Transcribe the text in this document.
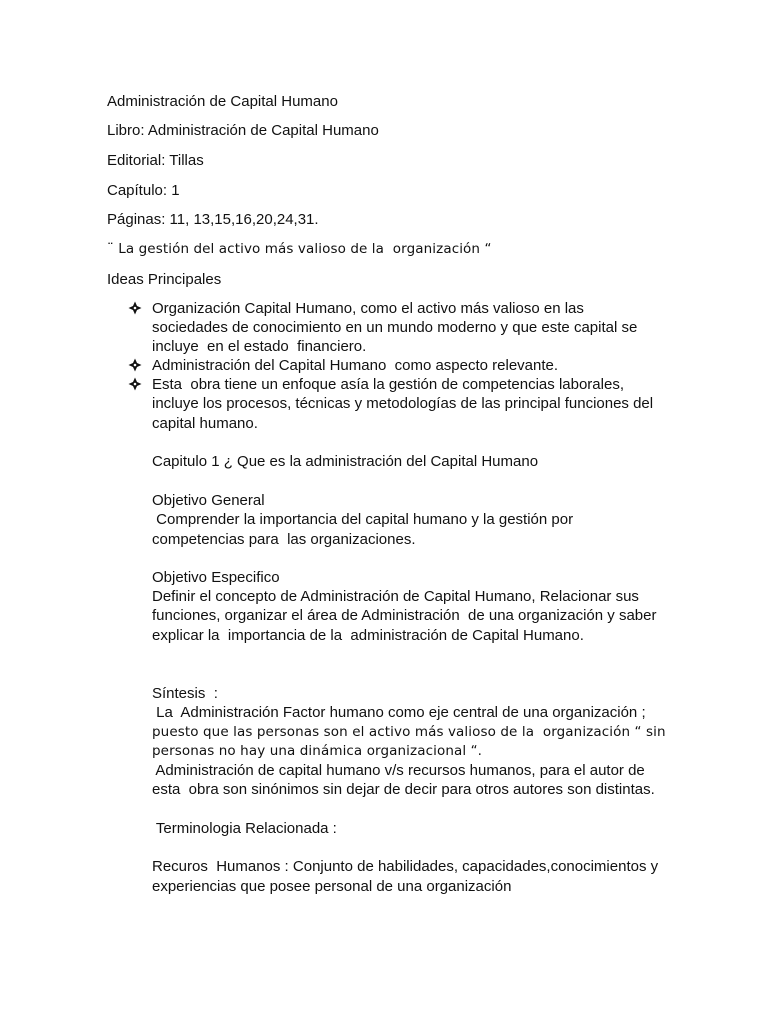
Administración de Capital Humano
Libro: Administración de Capital Humano
Editorial: Tillas
Capítulo: 1
Páginas: 11, 13,15,16,20,24,31.
¨ La gestión del activo más valioso de la  organización “
Ideas Principales
Organización Capital Humano, como el activo más valioso en las
sociedades de conocimiento en un mundo moderno y que este capital se
incluye  en el estado  financiero.
Administración del Capital Humano  como aspecto relevante.
Esta  obra tiene un enfoque asía la gestión de competencias laborales,
incluye los procesos, técnicas y metodologías de las principal funciones del
capital humano.
Capitulo 1 ¿ Que es la administración del Capital Humano
Objetivo General
Comprender la importancia del capital humano y la gestión por
competencias para  las organizaciones.
Objetivo Especifico
Definir el concepto de Administración de Capital Humano, Relacionar sus
funciones, organizar el área de Administración  de una organización y saber
explicar la  importancia de la  administración de Capital Humano.
Síntesis  :
La  Administración Factor humano como eje central de una organización ;
puesto que las personas son el activo más valioso de la  organización “ sin
personas no hay una dinámica organizacional “.
Administración de capital humano v/s recursos humanos, para el autor de
esta  obra son sinónimos sin dejar de decir para otros autores son distintas.
Terminologia Relacionada :
Recuros  Humanos : Conjunto de habilidades, capacidades,conocimientos y
experiencias que posee personal de una organización
